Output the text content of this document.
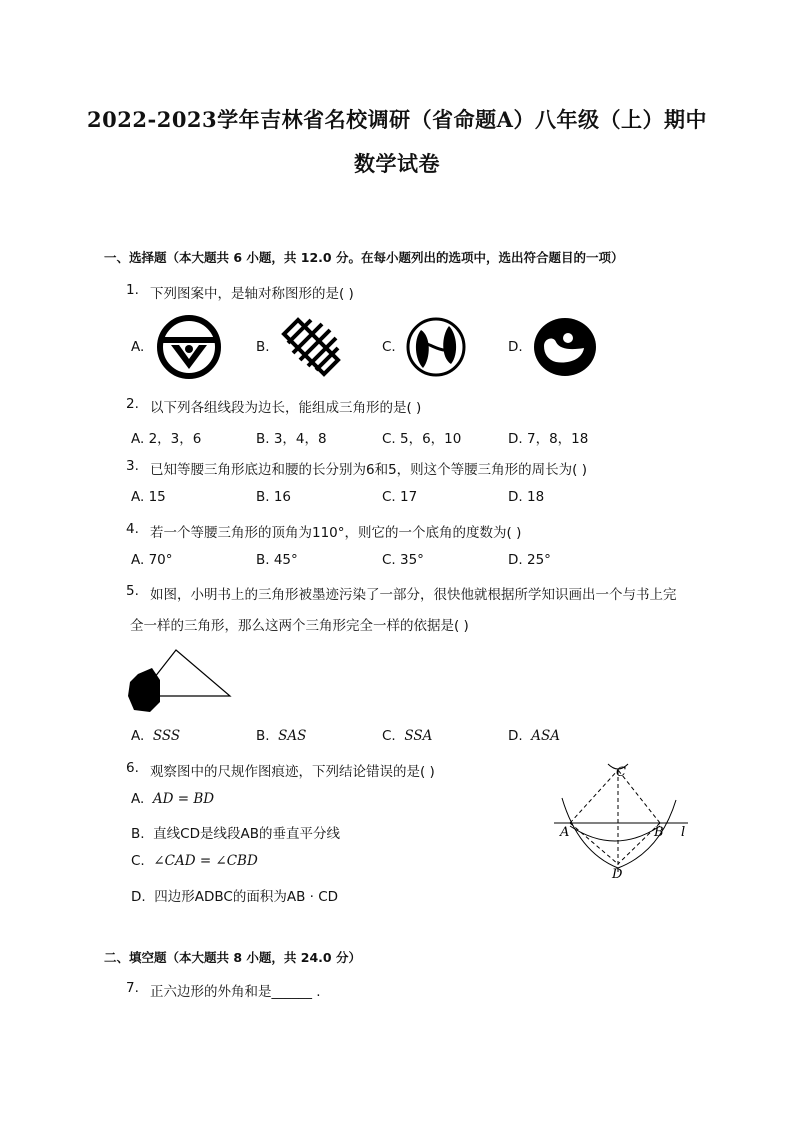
2022-2023学年吉林省名校调研（省命题A）八年级（上）期中
数学试卷
一、选择题（本大题共 6 小题，共 12.0 分。在每小题列出的选项中，选出符合题目的一项）
1. 下列图案中，是轴对称图形的是( )
A.	B.	C.	D.
2. 以下列各组线段为边长，能组成三角形的是( )
A. 2，3，6	B. 3，4，8	C. 5，6，10	D. 7，8，18
3. 已知等腰三角形底边和腰的长分别为6和5，则这个等腰三角形的周长为( )
A. 15	B. 16	C. 17	D. 18
4. 若一个等腰三角形的顶角为110°，则它的一个底角的度数为( )
A. 70°	B. 45°	C. 35°	D. 25°
5. 如图，小明书上的三角形被墨迹污染了一部分，很快他就根据所学知识画出一个与书上完
全一样的三角形，那么这两个三角形完全一样的依据是( )
A. SSS	B. SAS	C. SSA	D. ASA
6. 观察图中的尺规作图痕迹，下列结论错误的是( )
A. AD = BD
B. 直线CD是线段AB的垂直平分线
C. ∠CAD = ∠CBD
D. 四边形ADBC的面积为AB · CD
C
A	B
D
l
二、填空题（本大题共 8 小题，共 24.0 分）
7. 正六边形的外角和是______ .
